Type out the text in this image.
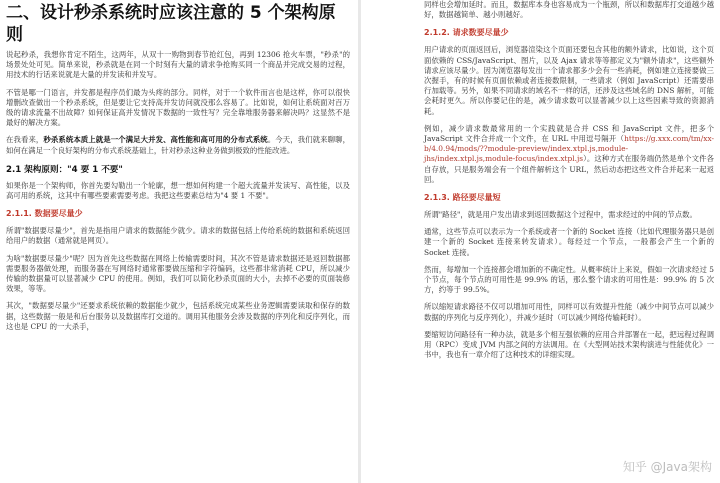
二、设计秒杀系统时应该注意的 5 个架构原则

说起秒杀，我想你肯定不陌生，这两年，从双十一购物到春节抢红包，再到 12306 抢火车票，"秒杀"的场景处处可见。简单来说，秒杀就是在同一个时刻有大量的请求争抢购买同一个商品并完成交易的过程，用技术的行话来说就是大量的并发读和并发写。

不管是哪一门语言，并发都是程序员们最为头疼的部分。同样，对于一个软件而言也是这样，你可以很快增删改查做出一个秒杀系统，但是要让它支持高并发访问就没那么容易了。比如说，如何让系统面对百万级的请求流量不出故障？如何保证高并发情况下数据的一致性写？完全靠堆服务器来解决吗？这显然不是最好的解决方案。

在我看来，秒杀系统本质上就是一个满足大并发、高性能和高可用的分布式系统。今天，我们就来聊聊，如何在满足一个良好架构的分布式系统基础上，针对秒杀这种业务做到极致的性能改进。

2.1 架构原则："4 要 1 不要"

如果你是一个架构师，你首先要勾勒出一个轮廓，想一想如何构建一个超大流量并发读写、高性能，以及高可用的系统，这其中有哪些要素需要考虑。我把这些要素总结为"4 要 1 不要"。

2.1.1. 数据要尽量少

所谓"数据要尽量少"，首先是指用户请求的数据能少就少。请求的数据包括上传给系统的数据和系统返回给用户的数据（通常就是网页）。

为啥"数据要尽量少"呢？因为首先这些数据在网络上传输需要时间，其次不管是请求数据还是返回数据都需要服务器做处理，而服务器在写网络时通常都要做压缩和字符编码，这些都非常消耗 CPU，所以减少传输的数据量可以显著减少 CPU 的使用。例如，我们可以简化秒杀页面的大小，去掉不必要的页面装修效果，等等。

其次，"数据要尽量少"还要求系统依赖的数据能少就少，包括系统完成某些业务逻辑需要读取和保存的数据，这些数据一般是和后台服务以及数据库打交道的。调用其他服务会涉及数据的序列化和反序列化，而这也是 CPU 的一大杀手，

同样也会增加延时。而且，数据库本身也容易成为一个瓶颈，所以和数据库打交道越少越好，数据越简单、越小则越好。

2.1.2. 请求数要尽量少

用户请求的页面返回后，浏览器渲染这个页面还要包含其他的额外请求，比如说，这个页面依赖的 CSS/JavaScript、图片，以及 Ajax 请求等等都定义为"额外请求"，这些额外请求应该尽量少。因为浏览器每发出一个请求都多少会有一些消耗，例如建立连接要做三次握手，有的时候有页面依赖或者连接数限制，一些请求（例如 JavaScript）还需要串行加载等。另外，如果不同请求的域名不一样的话，还涉及这些域名的 DNS 解析，可能会耗时更久。所以你要记住的是，减少请求数可以显著减少以上这些因素导致的资源消耗。

例如，减少请求数最常用的一个实践就是合并 CSS 和 JavaScript 文件，把多个 JavaScript 文件合并成一个文件，在 URL 中用逗号隔开（https://g.xxx.com/tm/xx-b/4.0.94/mods/??module-preview/index.xtpl.js,module-jhs/index.xtpl.js,module-focus/index.xtpl.js）。这种方式在服务端仍然是单个文件各自存放，只是服务端会有一个组件解析这个 URL，然后动态把这些文件合并起来一起返回。

2.1.3. 路径要尽量短

所谓"路径"，就是用户发出请求到返回数据这个过程中，需求经过的中间的节点数。

通常，这些节点可以表示为一个系统或者一个新的 Socket 连接（比如代理服务器只是创建一个新的 Socket 连接来转发请求）。每经过一个节点，一般都会产生一个新的 Socket 连接。

然而，每增加一个连接都会增加新的不确定性。从概率统计上来说，假如一次请求经过 5 个节点，每个节点的可用性是 99.9% 的话，那么整个请求的可用性是：99.9% 的 5 次方，约等于 99.5%。

所以缩短请求路径不仅可以增加可用性，同样可以有效提升性能（减少中间节点可以减少数据的序列化与反序列化），并减少延时（可以减少网络传输耗时）。

要缩短访问路径有一种办法，就是多个相互强依赖的应用合并部署在一起，把远程过程调用（RPC）变成 JVM 内部之间的方法调用。在《大型网站技术架构演进与性能优化》一书中，我也有一章介绍了这种技术的详细实现。

知乎 @Java架构
